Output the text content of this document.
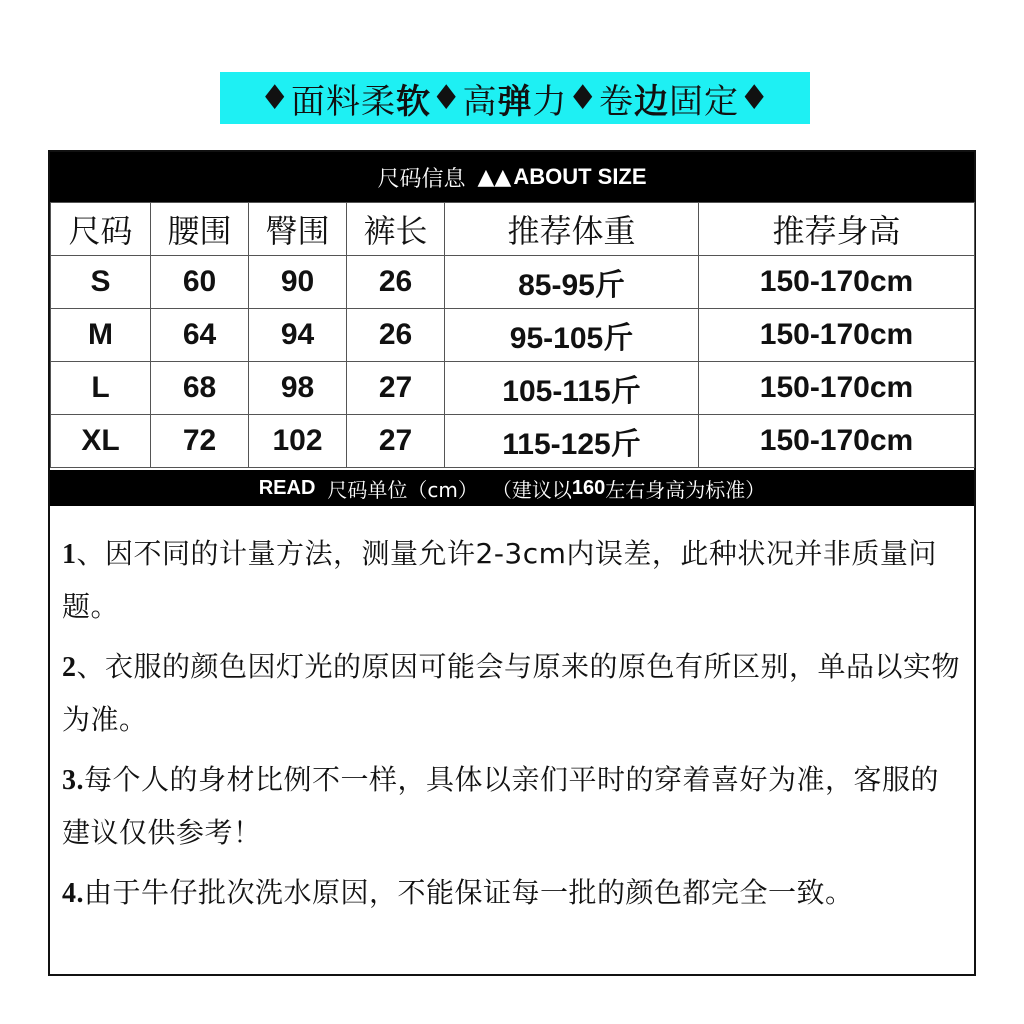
♦ 面料柔 软 ♦ 高 弹 力 ♦ 卷 边 固定 ♦
尺码信息 ▲▲ ABOUT SIZE
尺码	腰围	臀围	裤长	推荐体重	推荐身高
S	60	90	26	85-95斤	150-170cm
M	64	94	26	95-105斤	150-170cm
L	68	98	27	105-115斤	150-170cm
XL	72	102	27	115-125斤	150-170cm
READ 尺码单位（cm） （建议以 160 左右身高为标准）
1、因不同的计量方法，测量允许2-3cm内误差，此种状况并非质量问题。
2、衣服的颜色因灯光的原因可能会与原来的原色有所区别，单品以实物为准。
3.每个人的身材比例不一样，具体以亲们平时的穿着喜好为准，客服的建议仅供参考！
4.由于牛仔批次洗水原因，不能保证每一批的颜色都完全一致。
